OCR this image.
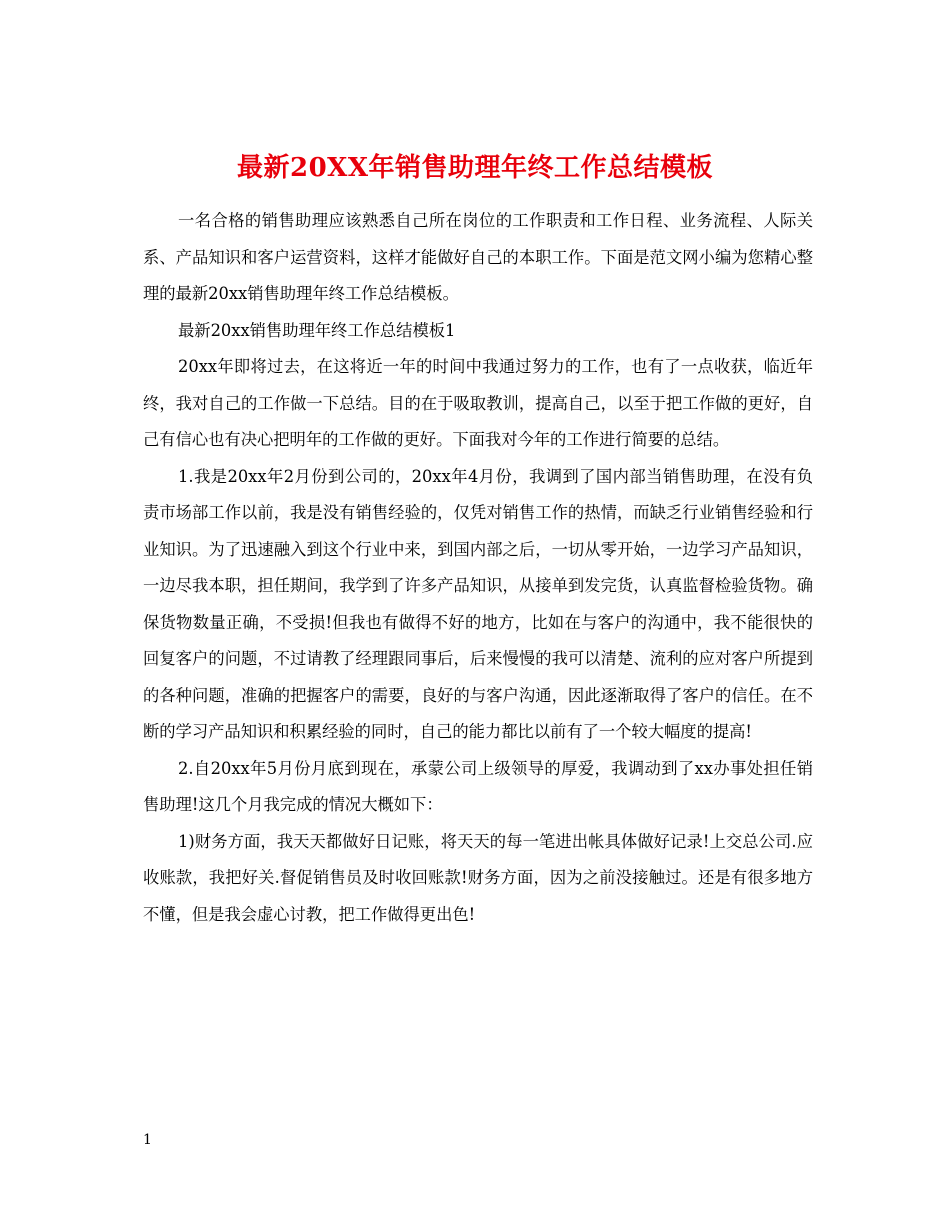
最新20XX年销售助理年终工作总结模板

一名合格的销售助理应该熟悉自己所在岗位的工作职责和工作日程、业务流程、人际关系、产品知识和客户运营资料，这样才能做好自己的本职工作。下面是范文网小编为您精心整理的最新20xx销售助理年终工作总结模板。

最新20xx销售助理年终工作总结模板1

20xx年即将过去，在这将近一年的时间中我通过努力的工作，也有了一点收获，临近年终，我对自己的工作做一下总结。目的在于吸取教训，提高自己，以至于把工作做的更好，自己有信心也有决心把明年的工作做的更好。下面我对今年的工作进行简要的总结。

1.我是20xx年2月份到公司的，20xx年4月份，我调到了国内部当销售助理，在没有负责市场部工作以前，我是没有销售经验的，仅凭对销售工作的热情，而缺乏行业销售经验和行业知识。为了迅速融入到这个行业中来，到国内部之后，一切从零开始，一边学习产品知识，一边尽我本职，担任期间，我学到了许多产品知识，从接单到发完货，认真监督检验货物。确保货物数量正确，不受损!但我也有做得不好的地方，比如在与客户的沟通中，我不能很快的回复客户的问题，不过请教了经理跟同事后，后来慢慢的我可以清楚、流利的应对客户所提到的各种问题，准确的把握客户的需要，良好的与客户沟通，因此逐渐取得了客户的信任。在不断的学习产品知识和积累经验的同时，自己的能力都比以前有了一个较大幅度的提高!

2.自20xx年5月份月底到现在，承蒙公司上级领导的厚爱，我调动到了xx办事处担任销售助理!这几个月我完成的情况大概如下：

1)财务方面，我天天都做好日记账，将天天的每一笔进出帐具体做好记录!上交总公司.应收账款，我把好关.督促销售员及时收回账款!财务方面，因为之前没接触过。还是有很多地方不懂，但是我会虚心讨教，把工作做得更出色!

1
